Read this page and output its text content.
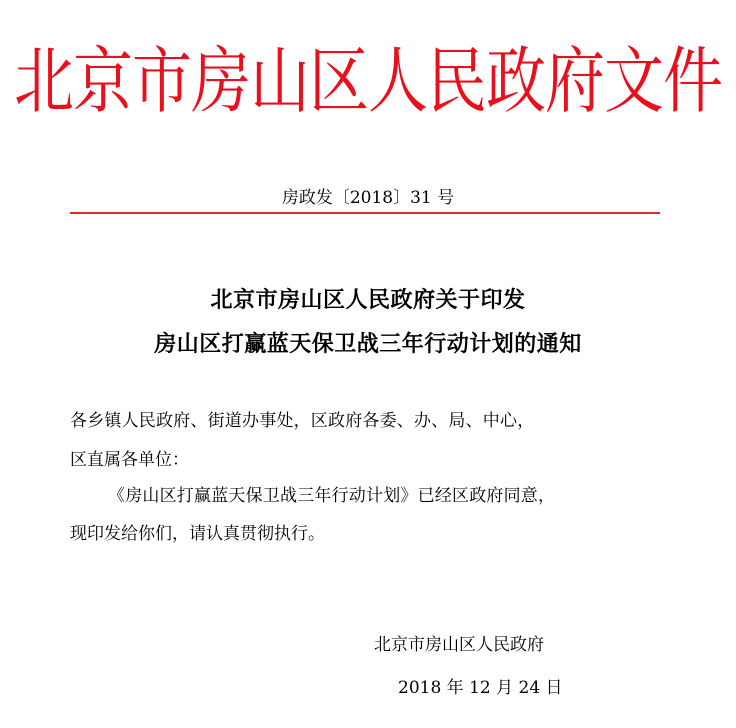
北京市房山区人民政府文件
房政发〔2018〕31 号
北京市房山区人民政府关于印发
房山区打赢蓝天保卫战三年行动计划的通知
各乡镇人民政府、街道办事处，区政府各委、办、局、中心，
区直属各单位：
《房山区打赢蓝天保卫战三年行动计划》已经区政府同意，
现印发给你们，请认真贯彻执行。
北京市房山区人民政府
2018 年 12 月 24 日
